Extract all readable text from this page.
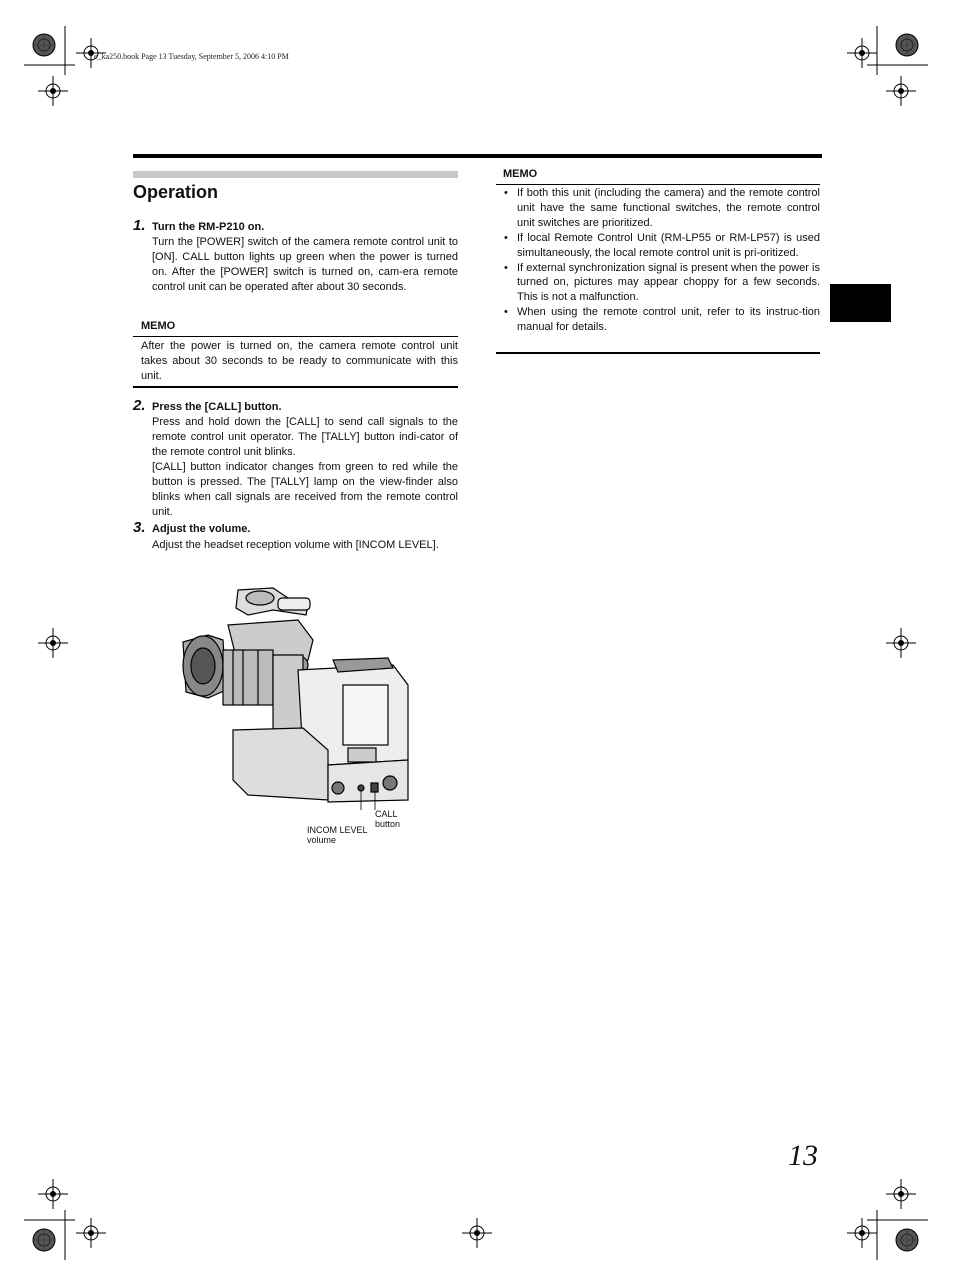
e_ka250.book Page 13 Tuesday, September 5, 2006 4:10 PM
Operation
1. Turn the RM-P210 on.
Turn the [POWER] switch of the camera remote control unit to [ON]. CALL button lights up green when the power is turned on. After the [POWER] switch is turned on, cam-era remote control unit can be operated after about 30 seconds.
MEMO
After the power is turned on, the camera remote control unit takes about 30 seconds to be ready to communicate with this unit.
2. Press the [CALL] button.
Press and hold down the [CALL] to send call signals to the remote control unit operator. The [TALLY] button indi-cator of the remote control unit blinks.
[CALL] button indicator changes from green to red while the button is pressed. The [TALLY] lamp on the view-finder also blinks when call signals are received from the remote control unit.
3. Adjust the volume.
Adjust the headset reception volume with [INCOM LEVEL].
CALL
button
INCOM LEVEL
volume
MEMO
• If both this unit (including the camera) and the remote control unit have the same functional switches, the remote control unit switches are prioritized.
• If local Remote Control Unit (RM-LP55 or RM-LP57) is used simultaneously, the local remote control unit is pri-oritized.
• If external synchronization signal is present when the power is turned on, pictures may appear choppy for a few seconds. This is not a malfunction.
• When using the remote control unit, refer to its instruc-tion manual for details.
13
